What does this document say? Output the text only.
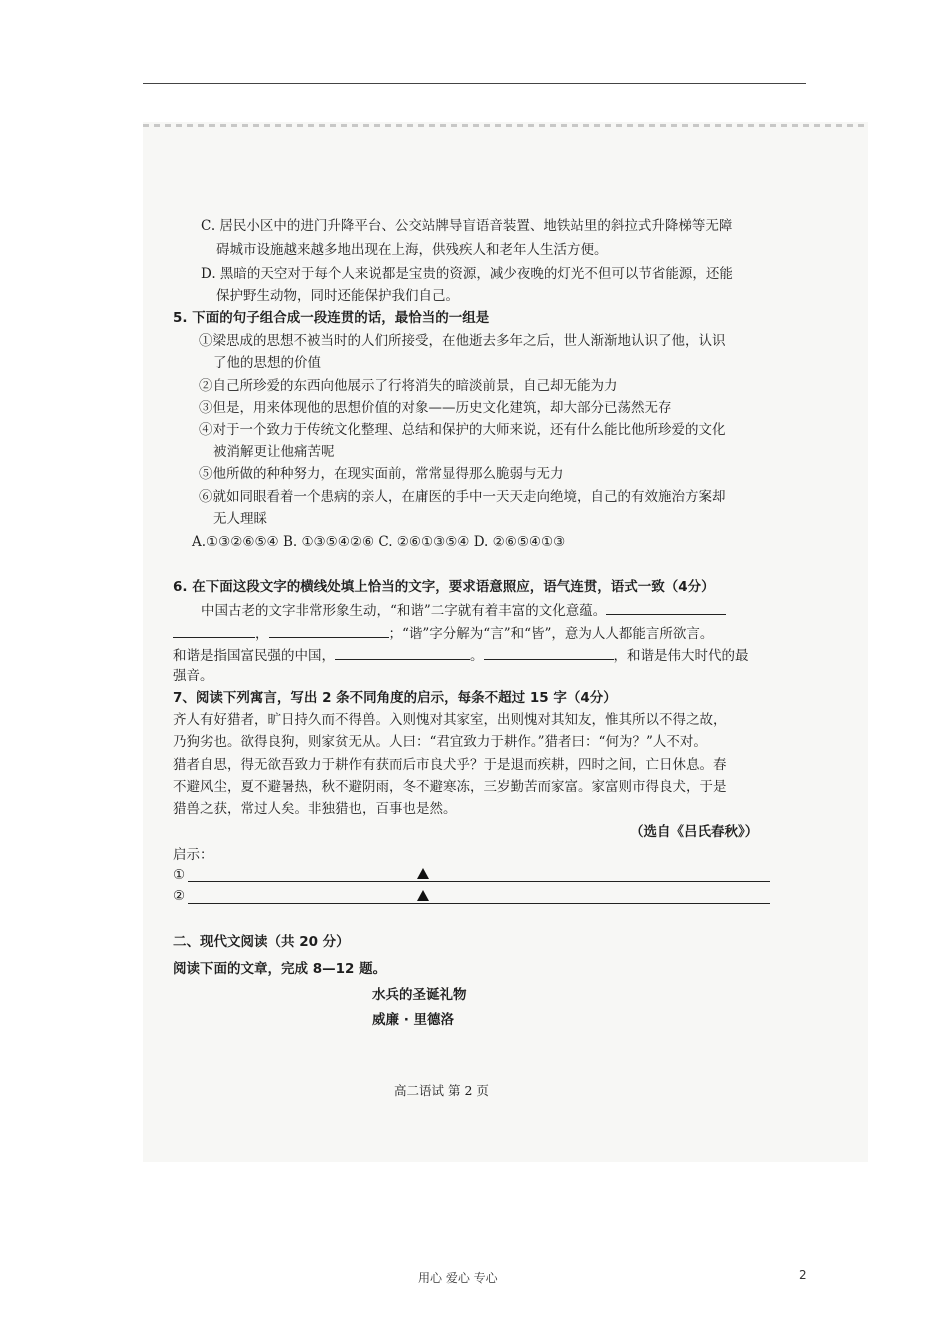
C. 居民小区中的进门升降平台、公交站牌导盲语音装置、地铁站里的斜拉式升降梯等无障
碍城市设施越来越多地出现在上海，供残疾人和老年人生活方便。
D. 黑暗的天空对于每个人来说都是宝贵的资源，减少夜晚的灯光不但可以节省能源，还能
保护野生动物，同时还能保护我们自己。
5. 下面的句子组合成一段连贯的话，最恰当的一组是
①梁思成的思想不被当时的人们所接受，在他逝去多年之后，世人渐渐地认识了他，认识
了他的思想的价值
②自己所珍爱的东西向他展示了行将消失的暗淡前景，自己却无能为力
③但是，用来体现他的思想价值的对象——历史文化建筑，却大部分已荡然无存
④对于一个致力于传统文化整理、总结和保护的大师来说，还有什么能比他所珍爱的文化
被消解更让他痛苦呢
⑤他所做的种种努力，在现实面前，常常显得那么脆弱与无力
⑥就如同眼看着一个患病的亲人，在庸医的手中一天天走向绝境，自己的有效施治方案却
无人理睬
A.①③②⑥⑤④ B. ①③⑤④②⑥ C. ②⑥①③⑤④ D. ②⑥⑤④①③
6. 在下面这段文字的横线处填上恰当的文字，要求语意照应，语气连贯，语式一致（4分）
中国古老的文字非常形象生动，“和谐”二字就有着丰富的文化意蕴。
，	；“谐”字分解为“言”和“皆”，意为人人都能言所欲言。
和谐是指国富民强的中国，	。	，和谐是伟大时代的最
强音。
7、阅读下列寓言，写出 2 条不同角度的启示，每条不超过 15 字（4分）
齐人有好猎者，旷日持久而不得兽。入则愧对其家室，出则愧对其知友，惟其所以不得之故，
乃狗劣也。欲得良狗，则家贫无从。人曰：“君宜致力于耕作。”猎者曰：“何为？”人不对。
猎者自思，得无欲吾致力于耕作有获而后市良犬乎？于是退而疾耕，四时之间，亡日休息。春
不避风尘，夏不避暑热，秋不避阴雨，冬不避寒冻，三岁勤苦而家富。家富则市得良犬，于是
猎兽之获，常过人矣。非独猎也，百事也是然。
（选自《吕氏春秋》）
启示：
①
②
二、现代文阅读（共 20 分）
阅读下面的文章，完成 8—12 题。
水兵的圣诞礼物
威廉 · 里德洛
高二语试 第 2 页
用心 爱心 专心	2
